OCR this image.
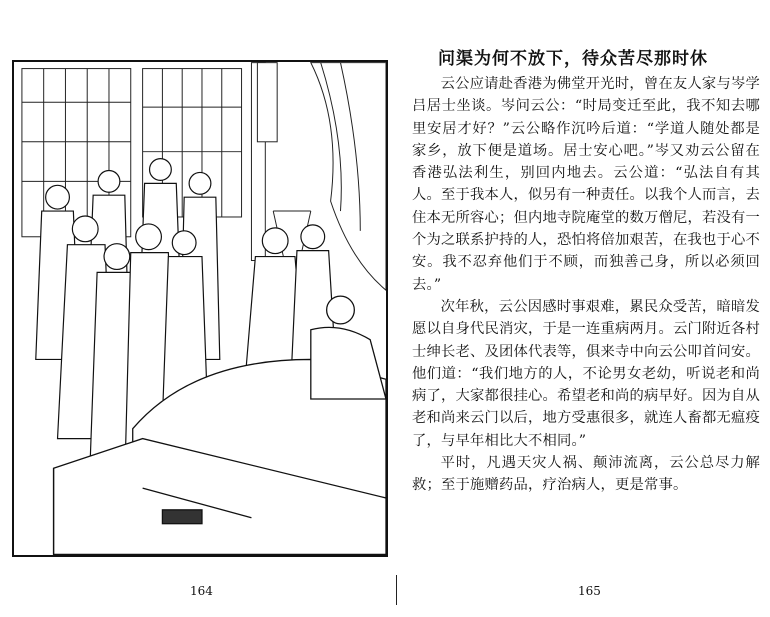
164
问渠为何不放下，待众苦尽那时休

云公应请赴香港为佛堂开光时，曾在友人家与岑学吕居士坐谈。岑问云公：“时局变迁至此，我不知去哪里安居才好？”云公略作沉吟后道：“学道人随处都是家乡，放下便是道场。居士安心吧。”岑又劝云公留在香港弘法利生，别回内地去。云公道：“弘法自有其人。至于我本人，似另有一种责任。以我个人而言，去住本无所容心；但内地寺院庵堂的数万僧尼，若没有一个为之联系护持的人，恐怕将倍加艰苦，在我也于心不安。我不忍弃他们于不顾，而独善己身，所以必须回去。”

次年秋，云公因感时事艰难，累民众受苦，暗暗发愿以自身代民消灾，于是一连重病两月。云门附近各村士绅长老、及团体代表等，俱来寺中向云公叩首问安。他们道：“我们地方的人，不论男女老幼，听说老和尚病了，大家都很挂心。希望老和尚的病早好。因为自从老和尚来云门以后，地方受惠很多，就连人畜都无瘟疫了，与早年相比大不相同。”

平时，凡遇天灾人祸、颠沛流离，云公总尽力解救；至于施赠药品，疗治病人，更是常事。

165
